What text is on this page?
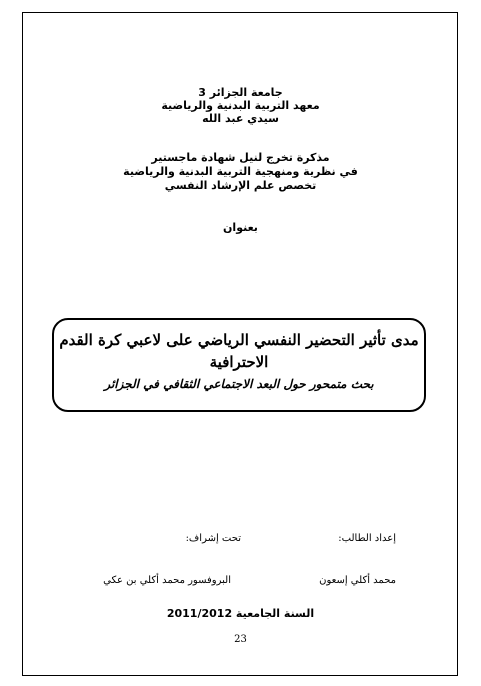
جامعة الجزائر 3
معهد التربية البدنية والرياضية
سيدي عبد الله
مذكرة تخرج لنيل شهادة ماجستير
في نظرية ومنهجية التربية البدنية والرياضية
تخصص علم الإرشاد النفسي
بعنوان
مدى تأثير التحضير النفسي الرياضي على لاعبي كرة القدم
الاحترافية
بحث متمحور حول البعد الاجتماعي الثقافي في الجزائر
إعداد الطالب:
تحت إشراف:
محمد أكلي إسعون
البروفسور محمد أكلي بن عكي
السنة الجامعية 2011/2012
23
